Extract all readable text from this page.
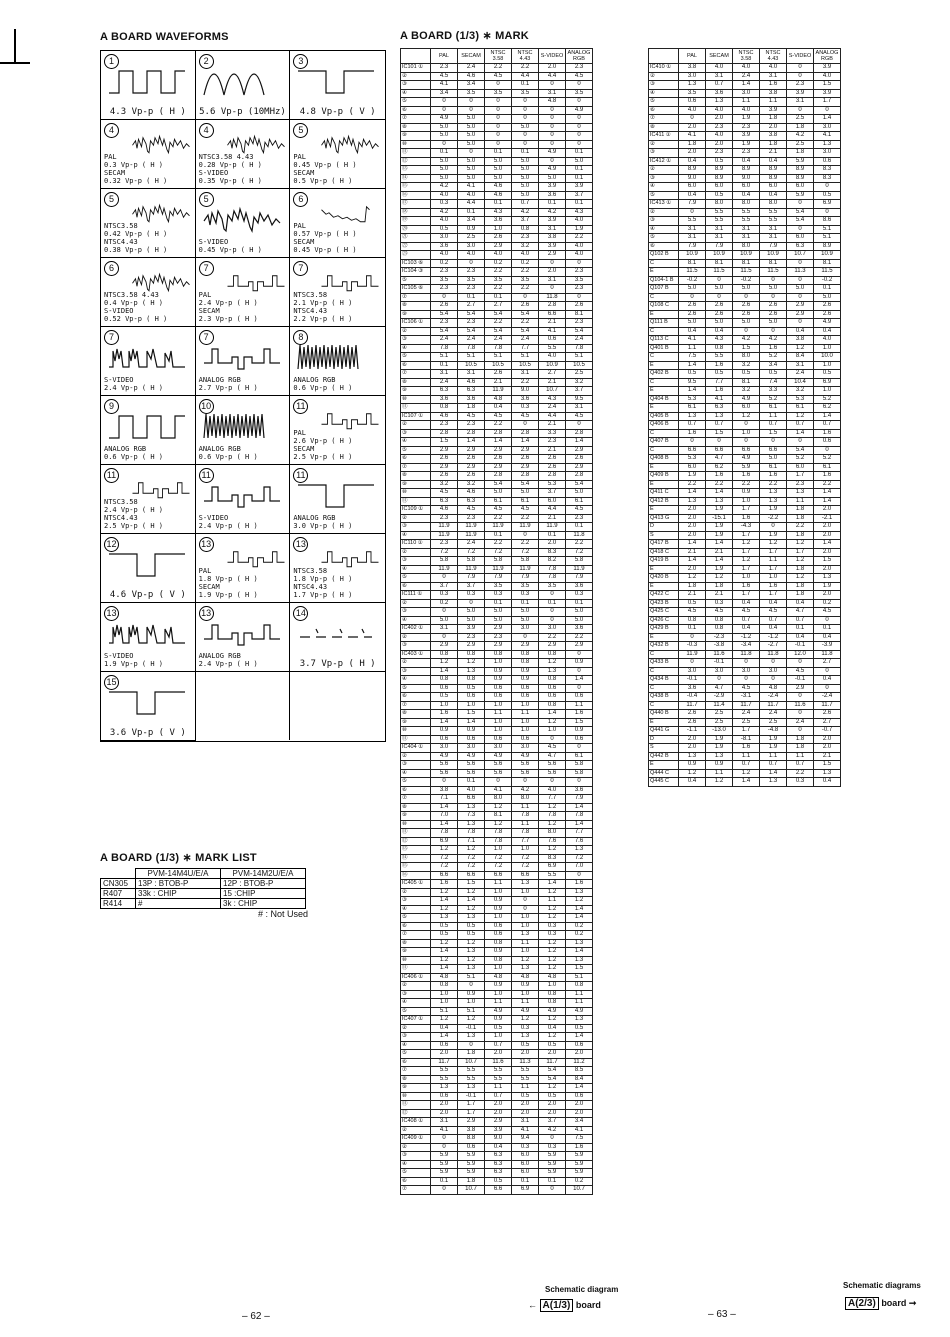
A BOARD WAVEFORMS	A BOARD (1/3) ∗ MARK
1
4.3 Vp-p ( H )
2
5.6 Vp-p (10MHz)
3
4.8 Vp-p ( V )
4
PAL
0.3 Vp-p ( H )
SECAM
0.32 Vp-p ( H )
4
NTSC3.58 4.43
0.28 Vp-p ( H )
S-VIDEO
0.35 Vp-p ( H )
5
PAL
0.45 Vp-p ( H )
SECAM
0.5 Vp-p ( H )
5
NTSC3.58
0.42 Vp-p ( H )
NTSC4.43
0.38 Vp-p ( H )
5
S-VIDEO
0.45 Vp-p ( H )
6
PAL
0.57 Vp-p ( H )
SECAM
0.45 Vp-p ( H )
6
NTSC3.58 4.43
0.4 Vp-p ( H )
S-VIDEO
0.52 Vp-p ( H )
7
PAL
2.4 Vp-p ( H )
SECAM
2.3 Vp-p ( H )
7
NTSC3.58
2.1 Vp-p ( H )
NTSC4.43
2.2 Vp-p ( H )
7
S-VIDEO
2.4 Vp-p ( H )
7
ANALOG RGB
2.7 Vp-p ( H )
8
ANALOG RGB
0.6 Vp-p ( H )
9
ANALOG RGB
0.6 Vp-p ( H )
10
ANALOG RGB
0.6 Vp-p ( H )
11
PAL
2.6 Vp-p ( H )
SECAM
2.5 Vp-p ( H )
11
NTSC3.58
2.4 Vp-p ( H )
NTSC4.43
2.5 Vp-p ( H )
11
S-VIDEO
2.4 Vp-p ( H )
11
ANALOG RGB
3.0 Vp-p ( H )
12
4.6 Vp-p ( V )
13
PAL
1.8 Vp-p ( H )
SECAM
1.9 Vp-p ( H )
13
NTSC3.58
1.8 Vp-p ( H )
NTSC4.43
1.7 Vp-p ( H )
13
S-VIDEO
1.9 Vp-p ( H )
13
ANALOG RGB
2.4 Vp-p ( H )
14
3.7 Vp-p ( H )
15
3.6 Vp-p ( V )
A BOARD (1/3) ∗ MARK LIST
	PVM-14M4U/E/A	PVM-14M2U/E/A
CN305	13P : BTOB-P	12P : BTOB-P
R407	33k : CHIP	15 :CHIP
R414	#	3k : CHIP
# : Not Used
	PAL	SECAM	NTSC 3.58	NTSC 4.43	S-VIDEO	ANALOG RGB
IC101 ①	2.3	2.4	2.2	2.2	2.0	2.3
②	4.5	4.6	4.5	4.4	4.4	4.5
③	4.1	3.4	0	0.1	0	0
④	3.4	3.5	3.5	3.5	3.1	3.5
⑤	0	0	0	0	4.8	0
⑥	0	0	0	0	0	4.9
⑦	4.9	5.0	0	0	0	0
⑧	5.0	5.0	0	5.0	0	0
⑨	5.0	5.0	0	0	0	0
⑩	0	5.0	0	0	0	0
⑪	0.1	0	0.1	0.1	4.9	0.1
⑫	5.0	5.0	5.0	5.0	0	5.0
⑬	5.0	5.0	5.0	5.0	4.9	0.1
⑭	5.0	5.0	5.0	5.0	5.0	0.1
⑮	4.2	4.1	4.6	5.0	3.9	3.9
⑯	4.0	4.0	4.6	5.0	3.6	3.7
⑰	0.3	4.4	0.1	0.7	0.1	0.1
⑱	4.2	0.1	4.3	4.2	4.2	4.3
⑲	4.0	3.4	3.6	3.7	3.9	4.0
⑳	0.5	0.9	1.0	0.8	3.1	1.9
㉑	3.0	2.5	2.6	2.3	3.8	2.2
㉒	3.6	3.0	2.9	3.2	3.9	4.0
㉓	4.0	4.0	4.0	4.0	2.9	4.0
IC103 ⑥	0.2	0	0.2	0.2	0	0
IC104 ③	2.3	2.3	2.2	2.2	2.0	2.3
⑤	3.5	3.5	3.5	3.5	3.1	3.5
IC105 ⑥	2.3	2.3	2.2	2.2	0	2.3
⑦	0	0.1	0.1	0	11.8	0
⑧	2.6	2.7	2.7	2.6	2.8	2.6
⑨	5.4	5.4	5.4	5.4	6.6	8.1
IC106 ①	2.3	2.3	2.2	2.2	2.1	2.3
②	5.4	5.4	5.4	5.4	4.1	5.4
③	2.4	2.4	2.4	2.4	0.6	2.4
④	7.8	7.8	7.8	7.7	5.5	7.8
⑤	5.1	5.1	5.1	5.1	4.0	5.1
⑥	0.1	10.5	10.5	10.5	10.9	10.5
⑦	3.1	3.1	2.6	3.1	2.7	2.5
⑧	2.4	4.6	2.1	2.2	2.1	3.2
⑨	6.3	6.3	11.9	9.0	10.7	3.7
⑩	3.6	3.6	4.8	3.6	4.3	9.5
⑪	0.8	1.8	0.4	0.3	2.4	3.1
IC107 ①	4.6	4.5	4.5	4.5	4.4	4.5
②	2.3	2.3	2.2	0	2.1	0
③	2.8	2.8	2.8	2.8	3.3	2.8
④	1.5	1.4	1.4	1.4	2.3	1.4
⑤	2.9	2.9	2.9	2.9	2.1	2.9
⑥	2.6	2.6	2.6	2.6	2.6	2.6
⑦	2.9	2.9	2.9	2.9	2.6	2.9
⑧	2.6	2.6	2.8	2.8	2.8	2.8
⑨	3.2	3.2	5.4	5.4	5.3	5.4
⑩	4.5	4.6	5.0	5.0	3.7	5.0
⑪	6.3	6.3	6.1	6.1	6.0	6.1
IC109 ①	4.6	4.5	4.5	4.5	4.4	4.5
②	2.3	2.3	2.2	2.2	2.1	2.3
③	11.9	11.9	11.9	11.9	11.9	0.1
④	11.9	11.9	0.1	0	0.1	11.8
IC110 ①	2.3	2.4	2.2	2.2	2.0	2.2
②	7.2	7.2	7.2	7.2	8.3	7.2
③	5.8	5.8	5.8	5.8	8.2	5.8
④	11.9	11.9	11.9	11.9	7.8	11.9
⑤	0	7.9	7.9	7.9	7.8	7.9
⑥	3.7	3.7	3.5	3.5	3.5	3.6
IC111 ①	0.3	0.3	0.3	0.3	0	0.3
②	0.2	0	0.1	0.1	0.1	0.1
③	0	5.0	5.0	5.0	0	5.0
④	5.0	5.0	5.0	5.0	0	5.0
IC402 ①	3.1	3.9	2.9	3.0	3.0	3.6
②	0	2.3	2.3	0	2.2	2.2
③	2.9	2.9	2.9	2.9	2.9	2.9
IC403 ①	0.8	0.8	0.8	0.8	0.8	0
②	1.2	1.2	1.0	0.8	1.2	0.9
③	1.4	1.3	0.9	0.9	1.3	0
④	0.8	0.8	0.9	0.9	0.8	1.4
⑤	0.6	0.5	0.6	0.6	0.6	0
⑥	0.5	0.6	0.6	0.6	0.6	0.6
⑦	1.0	1.0	1.0	1.0	0.8	1.1
⑧	1.6	1.5	1.1	1.1	1.4	1.6
⑨	1.4	1.4	1.0	1.0	1.2	1.5
⑩	0.9	0.9	1.0	1.0	1.0	0.9
⑪	0.6	0.6	0.6	0.6	0	0.6
IC404 ①	3.0	3.0	3.0	3.0	4.5	0
②	4.9	4.9	4.9	4.9	4.7	6.1
③	5.6	5.6	5.6	5.6	5.6	5.8
④	5.6	5.6	5.6	5.6	5.6	5.8
⑤	0	0.1	0	0	0	0
⑥	3.8	4.0	4.1	4.2	4.0	3.6
⑦	7.1	6.6	8.0	8.0	7.7	7.9
⑧	1.4	1.3	1.2	1.1	1.2	1.4
⑨	7.0	7.3	8.1	7.8	7.8	7.8
⑩	1.4	1.3	1.2	1.1	1.2	1.4
⑪	7.8	7.8	7.8	7.8	8.0	7.7
⑫	6.9	7.1	7.8	7.7	7.6	7.6
⑬	1.2	1.2	1.0	1.0	1.2	1.3
⑭	7.2	7.2	7.2	7.2	8.3	7.2
⑮	7.2	7.2	7.2	7.2	6.9	7.0
⑯	6.6	6.6	6.6	6.6	5.5	0
IC405 ①	1.6	1.5	1.1	1.3	1.4	1.6
②	1.2	1.2	1.0	1.0	1.2	1.3
③	1.4	1.4	0.9	0	1.1	1.2
④	1.2	1.2	0.9	0	1.2	1.4
⑤	1.3	1.3	1.0	1.0	1.2	1.4
⑥	0.5	0.5	0.6	1.0	0.3	0.2
⑦	0.5	0.5	0.6	1.3	0.3	0.2
⑧	1.2	1.2	0.8	1.1	1.2	1.3
⑨	1.4	1.3	0.9	1.0	1.2	1.4
⑩	1.2	1.2	0.8	1.2	1.2	1.3
⑪	1.4	1.3	1.0	1.3	1.2	1.5
IC406 ①	4.8	5.1	4.8	4.8	4.8	5.1
②	0.8	0	0.9	0.9	1.0	0.8
③	1.0	0.9	1.0	1.0	0.8	1.1
④	1.0	1.0	1.1	1.1	0.8	1.1
⑤	5.1	5.1	4.9	4.9	4.9	4.9
IC407 ①	1.2	1.2	0.9	1.2	1.2	1.3
②	0.4	-0.1	0.5	0.3	0.4	0.5
③	1.4	1.3	1.0	1.3	1.2	1.4
④	0.6	0	0.7	0.5	0.5	0.6
⑤	2.0	1.8	2.0	2.0	2.0	2.0
⑥	11.7	10.7	11.6	11.3	11.7	11.2
⑦	5.5	5.5	5.5	5.5	5.4	8.5
⑧	5.5	5.5	5.5	5.5	5.4	8.4
⑨	1.3	1.3	1.1	1.1	1.2	1.4
⑩	0.6	-0.1	0.7	0.5	0.5	0.6
⑪	2.0	1.7	2.0	2.0	2.0	2.0
⑫	2.0	1.7	2.0	2.0	2.0	2.0
IC408 ①	3.1	2.9	2.9	3.1	3.7	3.4
②	4.1	3.8	3.9	4.1	4.2	4.1
IC409 ①	0	8.8	9.0	9.4	0	7.5
②	0	0.6	0.4	0.3	0.3	1.6
③	5.9	5.9	6.3	6.0	5.9	5.9
④	5.9	5.9	6.3	6.0	5.9	5.9
⑤	5.9	5.9	6.3	6.0	5.9	5.9
⑥	0.1	1.8	0.5	0.1	0.1	0.2
⑦	0	10.7	6.6	6.9	0	10.7
	PAL	SECAM	NTSC 3.58	NTSC 4.43	S-VIDEO	ANALOG RGB
IC410 ①	3.8	4.0	4.0	4.0	0	3.9
②	3.0	3.1	2.4	3.1	0	4.0
③	1.3	0.7	1.4	1.6	2.3	1.5
④	3.5	3.6	3.0	3.8	3.9	3.9
⑤	0.6	1.3	1.1	1.1	3.1	1.7
⑥	4.0	4.0	4.0	3.9	0	0
⑦	0	2.0	1.9	1.8	2.5	1.4
⑧	2.0	2.3	2.3	2.0	1.8	3.0
IC411 ①	4.1	4.0	3.9	3.8	4.2	4.1
②	1.8	2.0	1.9	1.8	2.5	1.3
③	2.0	2.3	2.3	2.1	1.8	3.0
IC412 ①	0.4	0.5	0.4	0.4	5.9	0.6
②	8.9	8.9	8.9	8.9	8.9	8.3
③	9.0	8.9	9.0	8.9	8.9	8.3
④	6.0	6.0	6.0	6.0	6.0	0
⑤	0.4	0.5	0.4	0.4	5.9	0.5
IC413 ①	7.9	8.0	8.0	8.0	0	6.9
②	0	5.5	5.5	5.5	5.4	0
③	5.5	5.5	5.5	5.5	5.4	8.6
④	3.1	3.1	3.1	3.1	0	5.1
⑤	3.1	3.1	3.1	3.1	6.0	5.1
⑥	7.9	7.9	8.0	7.9	6.3	8.9
Q102 B	10.9	10.9	10.9	10.9	10.7	10.9
C	8.1	8.1	8.1	8.1	0	8.1
E	11.5	11.5	11.5	11.5	11.3	11.5
Q104-1 B	-0.2	0	-0.2	0	0	-0.2
Q107 B	5.0	5.0	5.0	5.0	5.0	0.1
C	0	0	0	0	0	5.0
Q108 C	2.6	2.6	2.6	2.6	2.9	2.6
E	2.6	2.6	2.6	2.6	2.9	2.6
Q111 B	5.0	5.0	5.0	5.0	0	4.9
C	0.4	0.4	0	0	0.4	0.4
Q113 C	4.1	4.3	4.2	4.2	3.8	4.0
Q401 B	1.1	0.8	1.5	1.6	1.2	1.0
C	7.5	5.5	8.0	5.2	8.4	10.0
E	1.4	1.6	3.2	3.4	3.1	1.0
Q402 B	0.5	0.5	0.5	0.5	2.4	0.5
C	9.5	7.7	8.1	7.4	10.4	6.9
E	1.4	1.6	3.2	3.3	3.2	1.0
Q404 B	5.3	4.1	4.9	5.2	5.3	5.2
E	6.1	6.3	6.0	6.1	6.1	6.2
Q405 B	1.3	1.3	1.2	1.1	1.2	1.4
Q406 B	0.7	0.7	0	0.7	0.7	0.7
C	1.6	1.5	1.0	1.5	1.4	1.6
Q407 B	0	0	0	0	0	0.6
C	6.6	6.6	6.6	6.6	5.4	0
Q408 B	5.3	4.7	4.9	5.0	5.2	5.2
E	6.0	6.2	5.9	6.1	6.0	6.1
Q409 B	1.9	1.6	1.6	1.6	1.7	1.6
E	2.2	2.2	2.2	2.2	2.3	2.2
Q411 C	1.4	1.4	0.9	1.3	1.3	1.4
Q412 B	1.3	1.3	1.0	1.3	1.1	1.4
E	2.0	1.9	1.7	1.9	1.8	2.0
Q413 G	2.0	-15.1	1.6	-2.2	1.8	-2.1
D	2.0	1.9	-4.3	0	2.2	2.0
S	2.0	1.9	1.7	1.9	1.8	2.0
Q417 B	1.4	1.4	1.2	1.2	1.2	1.4
Q418 C	2.1	2.1	1.7	1.7	1.7	2.0
Q419 B	1.4	1.4	1.2	1.1	1.2	1.5
E	2.0	1.9	1.7	1.7	1.8	2.0
Q420 B	1.2	1.2	1.0	1.0	1.2	1.3
E	1.8	1.8	1.6	1.6	1.8	1.9
Q422 C	2.1	2.1	1.7	1.7	1.8	2.0
Q423 B	0.5	0.3	0.4	0.4	0.4	0.2
Q425 C	4.5	4.5	4.5	4.5	4.7	4.5
Q426 C	0.8	0.8	0.7	0.7	0.7	0
Q429 B	0.1	0.8	0.4	0.4	0.1	0.1
E	0	-2.3	-1.2	-1.2	0.4	0.4
Q432 B	-0.3	-3.8	-3.4	-2.7	-0.1	-3.9
C	11.9	11.6	11.8	11.8	12.0	11.8
Q433 B	0	-0.1	0	0	0	2.7
C	3.0	3.0	3.0	3.0	4.5	0
Q434 B	-0.1	0	0	0	-0.1	0.4
C	3.6	4.7	4.5	4.8	2.9	0
Q438 B	-0.4	-2.9	-3.1	-2.4	0	-2.4
C	11.7	11.4	11.7	11.7	11.6	11.7
Q440 B	2.6	2.5	2.4	2.4	0	2.6
E	2.6	2.5	2.5	2.5	2.4	2.7
Q441 G	-1.1	-13.0	1.7	-4.8	0	-0.7
D	2.0	1.9	-8.1	1.9	1.8	2.0
S	2.0	1.9	1.6	1.9	1.8	2.0
Q442 B	1.3	1.3	1.1	1.1	1.1	2.1
E	0.9	0.9	0.7	0.7	0.7	1.5
Q444 C	1.2	1.1	1.2	1.4	2.2	1.3
Q445 C	0.4	1.2	1.4	1.3	0.3	0.4
– 62 –
Schematic diagram
← A(1/3) board
– 63 –
Schematic diagrams
A(2/3) board ➞
